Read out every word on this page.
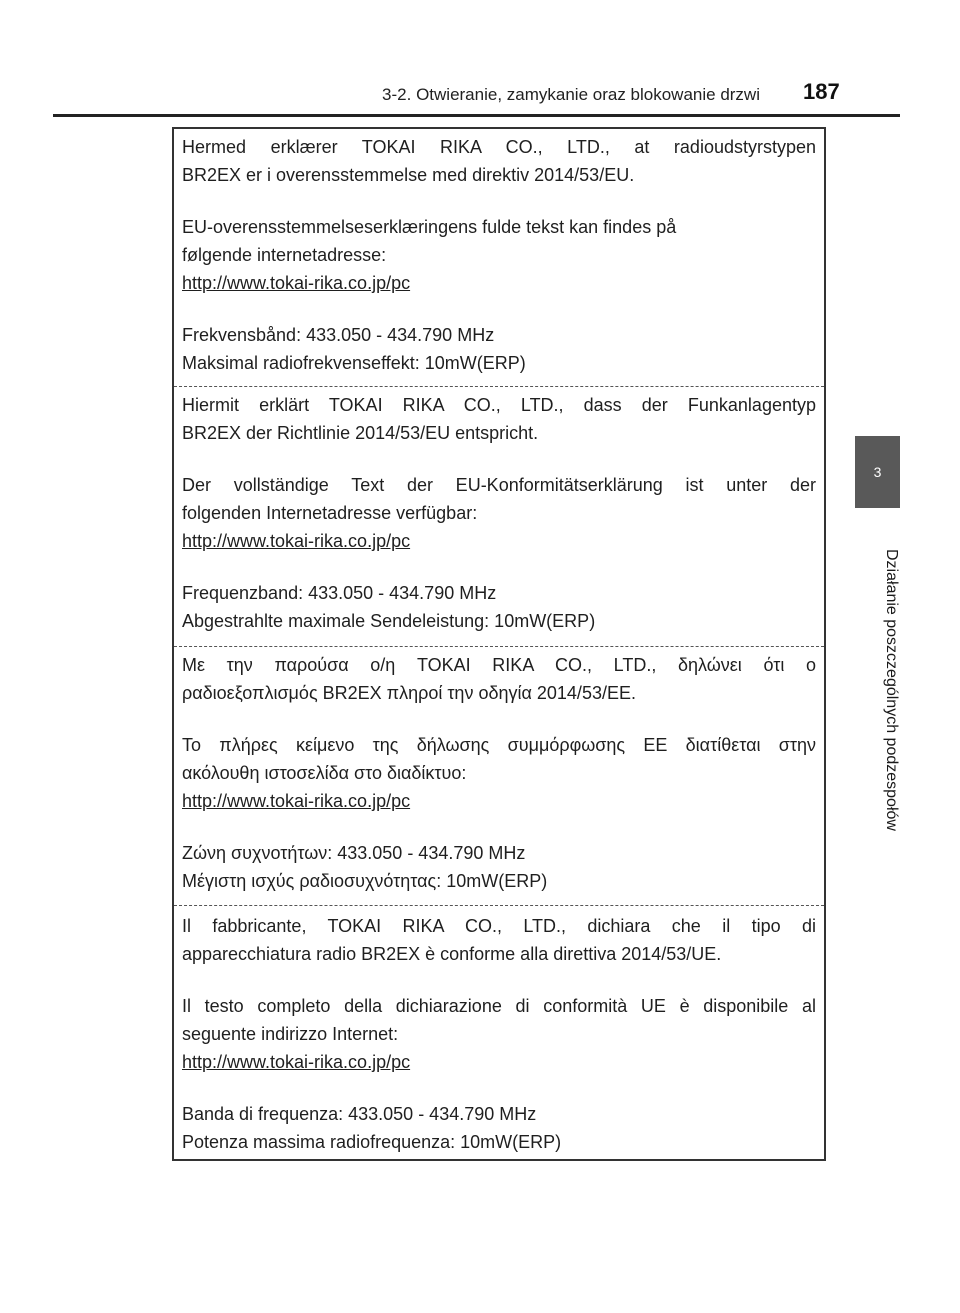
3-2. Otwieranie, zamykanie oraz blokowanie drzwi 187
3
Działanie poszczególnych podzespołów

Hermed erklærer TOKAI RIKA CO., LTD., at radioudstyrstypen

BR2EX er i overensstemmelse med direktiv 2014/53/EU.

EU-overensstemmelseserklæringens fulde tekst kan findes på

følgende internetadresse:

http://www.tokai-rika.co.jp/pc

Frekvensbånd: 433.050 - 434.790 MHz

Maksimal radiofrekvenseffekt: 10mW(ERP)

Hiermit erklärt TOKAI RIKA CO., LTD., dass der Funkanlagentyp

BR2EX der Richtlinie 2014/53/EU entspricht.

Der vollständige Text der EU-Konformitätserklärung ist unter der

folgenden Internetadresse verfügbar:

http://www.tokai-rika.co.jp/pc

Frequenzband: 433.050 - 434.790 MHz

Abgestrahlte maximale Sendeleistung: 10mW(ERP)

Με την παρούσα ο/η TOKAI RIKA CO., LTD., δηλώνει ότι ο

ραδιοεξοπλισμός BR2EX πληροί την οδηγία 2014/53/ΕΕ.

Το πλήρες κείμενο της δήλωσης συμμόρφωσης ΕΕ διατίθεται στην

ακόλουθη ιστοσελίδα στο διαδίκτυο:

http://www.tokai-rika.co.jp/pc

Ζώνη συχνοτήτων: 433.050 - 434.790 MHz

Μέγιστη ισχύς ραδιοσυχνότητας: 10mW(ERP)

Il fabbricante, TOKAI RIKA CO., LTD., dichiara che il tipo di

apparecchiatura radio BR2EX è conforme alla direttiva 2014/53/UE.

Il testo completo della dichiarazione di conformità UE è disponibile al

seguente indirizzo Internet:

http://www.tokai-rika.co.jp/pc

Banda di frequenza: 433.050 - 434.790 MHz

Potenza massima radiofrequenza: 10mW(ERP)
